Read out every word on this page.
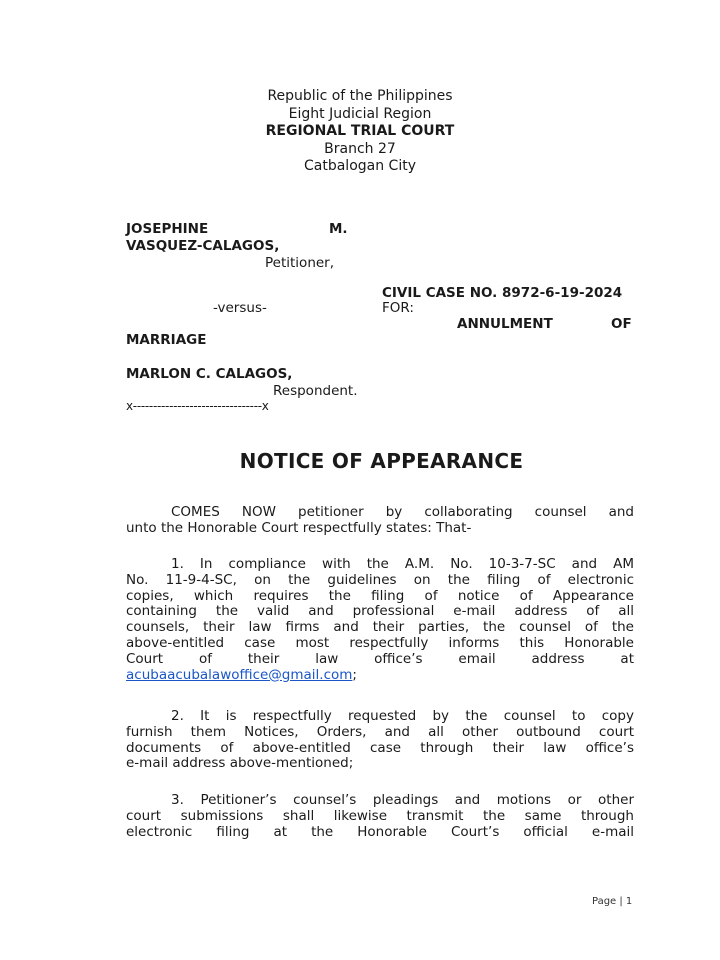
Republic of the Philippines
Eight Judicial Region
REGIONAL TRIAL COURT
Branch 27
Catbalogan City
JOSEPHINE	M.
VASQUEZ-CALAGOS,
Petitioner,
CIVIL CASE NO. 8972-6-19-2024
-versus-	FOR:
ANNULMENT	OF
MARRIAGE
MARLON C. CALAGOS,
Respondent.
x--------------------------------x
NOTICE OF APPEARANCE
COMES NOW petitioner by collaborating counsel and
unto the Honorable Court respectfully states: That-
1. In compliance with the A.M. No. 10-3-7-SC and AM
No. 11-9-4-SC, on the guidelines on the filing of electronic
copies, which requires the filing of notice of Appearance
containing the valid and professional e-mail address of all
counsels, their law firms and their parties, the counsel of the
above-entitled case most respectfully informs this Honorable
Court of their law office’s email address at
acubaacubalawoffice@gmail.com;
2. It is respectfully requested by the counsel to copy
furnish them Notices, Orders, and all other outbound court
documents of above-entitled case through their law office’s
e-mail address above-mentioned;
3. Petitioner’s counsel’s pleadings and motions or other
court submissions shall likewise transmit the same through
electronic filing at the Honorable Court’s official e-mail
Page | 1
